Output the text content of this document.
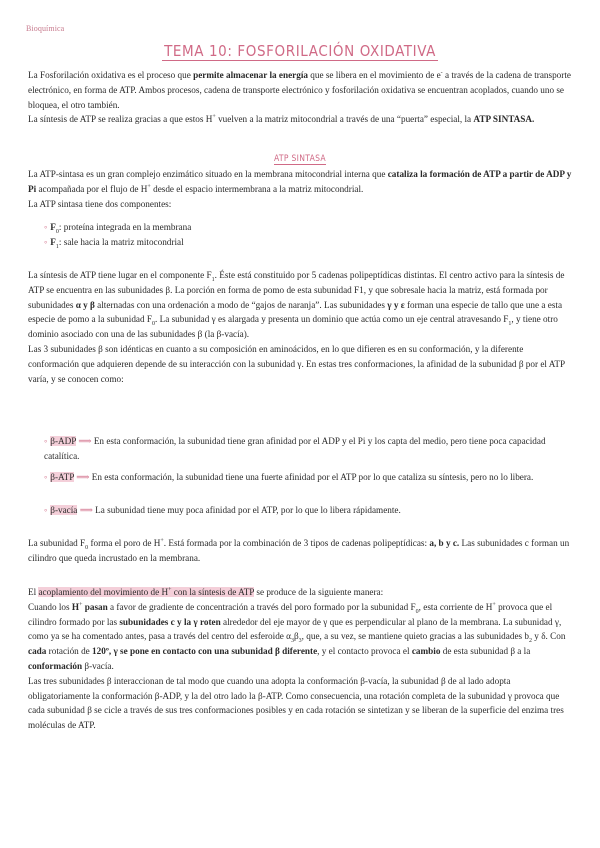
Bioquímica
TEMA 10: FOSFORILACIÓN OXIDATIVA

La Fosforilación oxidativa es el proceso que permite almacenar la energía que se libera en el movimiento de e- a través de la cadena de transporte electrónico, en forma de ATP. Ambos procesos, cadena de transporte electrónico y fosforilación oxidativa se encuentran acoplados, cuando uno se bloquea, el otro también.
La síntesis de ATP se realiza gracias a que estos H+ vuelven a la matriz mitocondrial a través de una “puerta” especial, la ATP SINTASA.

ATP SINTASA

La ATP-sintasa es un gran complejo enzimático situado en la membrana mitocondrial interna que cataliza la formación de ATP a partir de ADP y Pi acompañada por el flujo de H+ desde el espacio intermembrana a la matriz mitocondrial.
La ATP sintasa tiene dos componentes:

◦ $F_0$: proteína integrada en la membrana
◦ $F_1$: sale hacia la matriz mitocondrial

La síntesis de ATP tiene lugar en el componente $F_1$. Éste está constituido por 5 cadenas polipeptídicas distintas. El centro activo para la síntesis de ATP se encuentra en las subunidades β. La porción en forma de pomo de esta subunidad F1, y que sobresale hacia la matriz, está formada por subunidades α y β alternadas con una ordenación a modo de “gajos de naranja”. Las subunidades γ y ε forman una especie de tallo que une a esta especie de pomo a la subunidad $F_0$. La subunidad γ es alargada y presenta un dominio que actúa como un eje central atravesando $F_1$, y tiene otro dominio asociado con una de las subunidades β (la β-vacía).
Las 3 subunidades β son idénticas en cuanto a su composición en aminoácidos, en lo que difieren es en su conformación, y la diferente conformación que adquieren depende de su interacción con la subunidad γ. En estas tres conformaciones, la afinidad de la subunidad β por el ATP varía, y se conocen como:

◦ β-ADP ⟹ En esta conformación, la subunidad tiene gran afinidad por el ADP y el Pi y los capta del medio, pero tiene poca capacidad catalítica.
◦ β-ATP ⟹ En esta conformación, la subunidad tiene una fuerte afinidad por el ATP por lo que cataliza su síntesis, pero no lo libera.
◦ β-vacía ⟹ La subunidad tiene muy poca afinidad por el ATP, por lo que lo libera rápidamente.

La subunidad $F_0$ forma el poro de H+. Está formada por la combinación de 3 tipos de cadenas polipeptídicas: a, b y c. Las subunidades c forman un cilindro que queda incrustado en la membrana.

El acoplamiento del movimiento de H+ con la síntesis de ATP se produce de la siguiente manera:
Cuando los H+ pasan a favor de gradiente de concentración a través del poro formado por la subunidad $F_0$, esta corriente de H+ provoca que el cilindro formado por las subunidades c y la γ roten alrededor del eje mayor de γ que es perpendicular al plano de la membrana. La subunidad γ, como ya se ha comentado antes, pasa a través del centro del esferoide $\alpha_3\beta_3$, que, a su vez, se mantiene quieto gracias a las subunidades $b_2$ y δ. Con cada rotación de 120º, γ se pone en contacto con una subunidad β diferente, y el contacto provoca el cambio de esta subunidad β a la conformación β-vacía.
Las tres subunidades β interaccionan de tal modo que cuando una adopta la conformación β-vacía, la subunidad β de al lado adopta obligatoriamente la conformación β-ADP, y la del otro lado la β-ATP. Como consecuencia, una rotación completa de la subunidad γ provoca que cada subunidad β se cicle a través de sus tres conformaciones posibles y en cada rotación se sintetizan y se liberan de la superficie del enzima tres moléculas de ATP.
